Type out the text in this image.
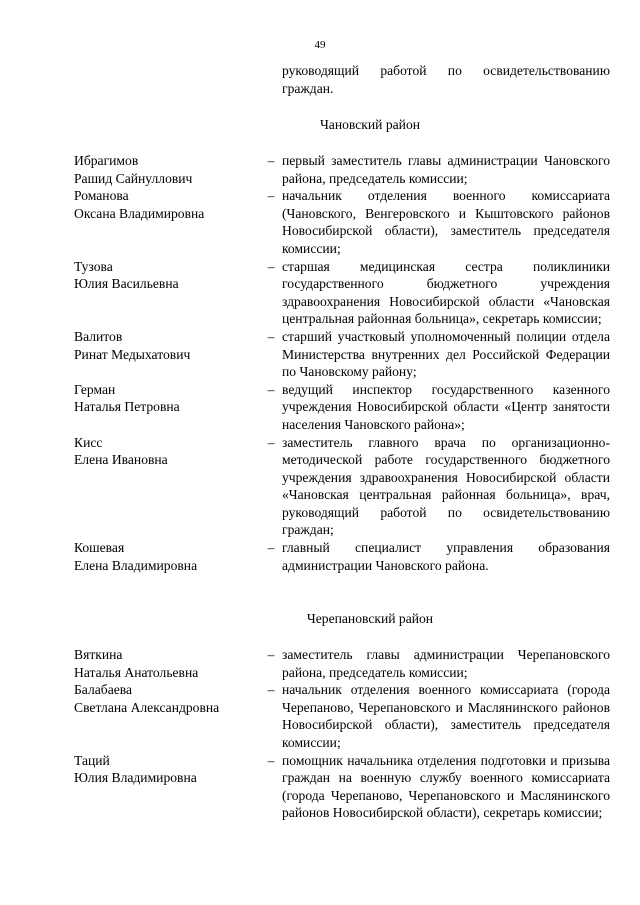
49
руководящий работой по освидетельствованию граждан.
Чановский район
Ибрагимов
Рашид Сайнуллович
– первый заместитель главы администрации Чановского района, председатель комиссии;
Романова
Оксана Владимировна
– начальник отделения военного комиссариата (Чановского, Венгеровского и Кыштовского районов Новосибирской области), заместитель председателя комиссии;
Тузова
Юлия Васильевна
– старшая медицинская сестра поликлиники государственного бюджетного учреждения здравоохранения Новосибирской области «Чановская центральная районная больница», секретарь комиссии;
Валитов
Ринат Медыхатович
– старший участковый уполномоченный полиции отдела Министерства внутренних дел Российской Федерации по Чановскому району;
Герман
Наталья Петровна
– ведущий инспектор государственного казенного учреждения Новосибирской области «Центр занятости населения Чановского района»;
Кисс
Елена Ивановна
– заместитель главного врача по организационно-методической работе государственного бюджетного учреждения здравоохранения Новосибирской области «Чановская центральная районная больница», врач, руководящий работой по освидетельствованию граждан;
Кошевая
Елена Владимировна
– главный специалист управления образования администрации Чановского района.
Черепановский район
Вяткина
Наталья Анатольевна
– заместитель главы администрации Черепановского района, председатель комиссии;
Балабаева
Светлана Александровна
– начальник отделения военного комиссариата (города Черепаново, Черепановского и Маслянинского районов Новосибирской области), заместитель председателя комиссии;
Таций
Юлия Владимировна
– помощник начальника отделения подготовки и призыва граждан на военную службу военного комиссариата (города Черепаново, Черепановского и Маслянинского районов Новосибирской области), секретарь комиссии;
